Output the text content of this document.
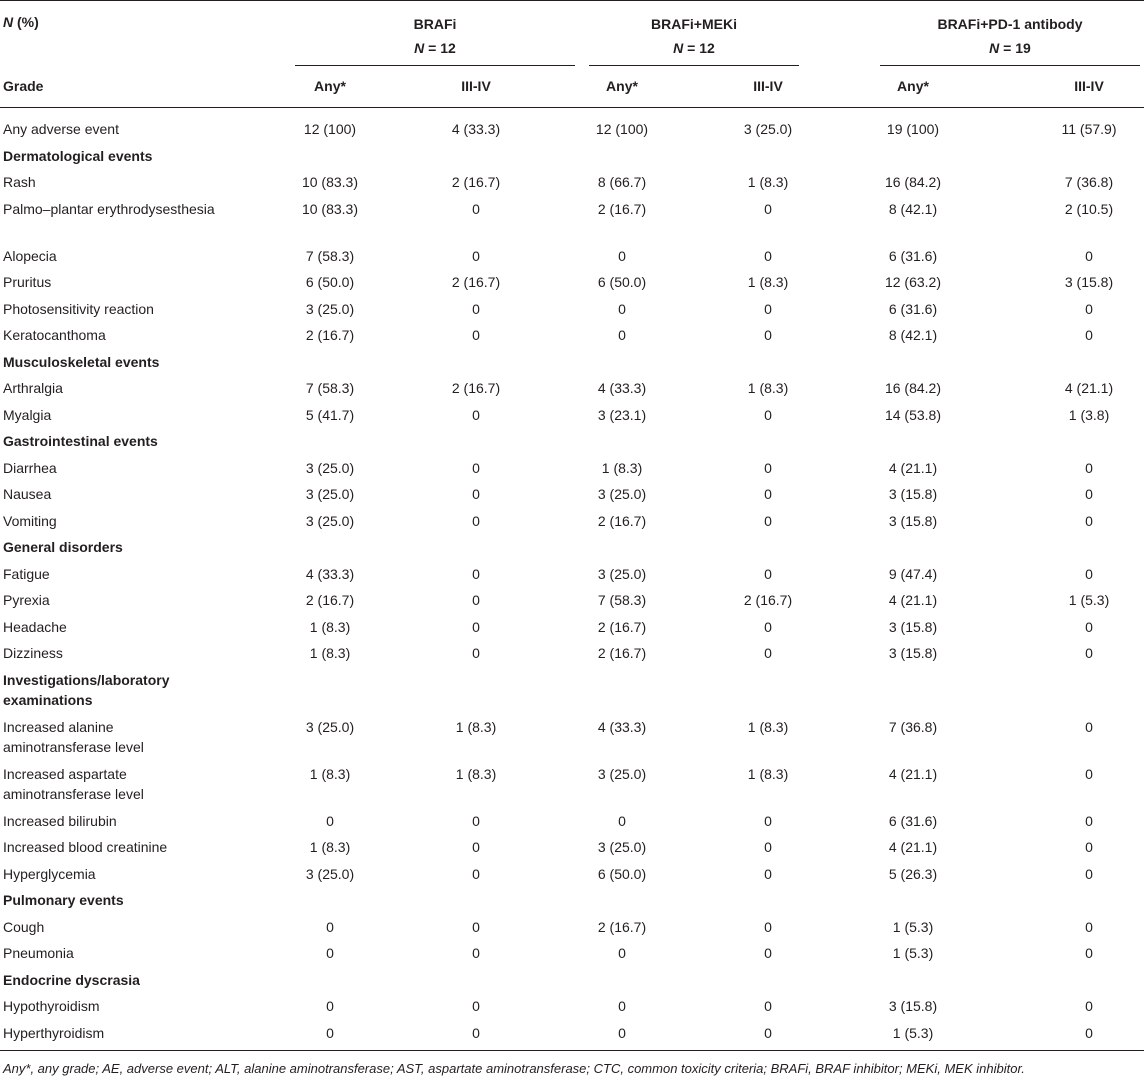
N (%)	BRAFi
N = 12
BRAFi+MEKi
N = 12
BRAFi+PD-1 antibody
N = 19
Grade	Any*	III-IV	Any*	III-IV	Any*	III-IV
Any adverse event	12 (100)	4 (33.3)	12 (100)	3 (25.0)	19 (100)	11 (57.9)
Dermatological events
Rash	10 (83.3)	2 (16.7)	8 (66.7)	1 (8.3)	16 (84.2)	7 (36.8)
Palmo–plantar erythrodysesthesia	10 (83.3)	0	2 (16.7)	0	8 (42.1)	2 (10.5)
Alopecia	7 (58.3)	0	0	0	6 (31.6)	0
Pruritus	6 (50.0)	2 (16.7)	6 (50.0)	1 (8.3)	12 (63.2)	3 (15.8)
Photosensitivity reaction	3 (25.0)	0	0	0	6 (31.6)	0
Keratocanthoma	2 (16.7)	0	0	0	8 (42.1)	0
Musculoskeletal events
Arthralgia	7 (58.3)	2 (16.7)	4 (33.3)	1 (8.3)	16 (84.2)	4 (21.1)
Myalgia	5 (41.7)	0	3 (23.1)	0	14 (53.8)	1 (3.8)
Gastrointestinal events
Diarrhea	3 (25.0)	0	1 (8.3)	0	4 (21.1)	0
Nausea	3 (25.0)	0	3 (25.0)	0	3 (15.8)	0
Vomiting	3 (25.0)	0	2 (16.7)	0	3 (15.8)	0
General disorders
Fatigue	4 (33.3)	0	3 (25.0)	0	9 (47.4)	0
Pyrexia	2 (16.7)	0	7 (58.3)	2 (16.7)	4 (21.1)	1 (5.3)
Headache	1 (8.3)	0	2 (16.7)	0	3 (15.8)	0
Dizziness	1 (8.3)	0	2 (16.7)	0	3 (15.8)	0
Investigations/laboratory examinations
Increased alanine aminotransferase level
3 (25.0)	1 (8.3)	4 (33.3)	1 (8.3)	7 (36.8)	0
Increased aspartate aminotransferase level
1 (8.3)	1 (8.3)	3 (25.0)	1 (8.3)	4 (21.1)	0
Increased bilirubin	0	0	0	0	6 (31.6)	0
Increased blood creatinine	1 (8.3)	0	3 (25.0)	0	4 (21.1)	0
Hyperglycemia	3 (25.0)	0	6 (50.0)	0	5 (26.3)	0
Pulmonary events
Cough	0	0	2 (16.7)	0	1 (5.3)	0
Pneumonia	0	0	0	0	1 (5.3)	0
Endocrine dyscrasia
Hypothyroidism	0	0	0	0	3 (15.8)	0
Hyperthyroidism	0	0	0	0	1 (5.3)	0
Any*, any grade; AE, adverse event; ALT, alanine aminotransferase; AST, aspartate aminotransferase; CTC, common toxicity criteria; BRAFi, BRAF inhibitor; MEKi, MEK inhibitor.
